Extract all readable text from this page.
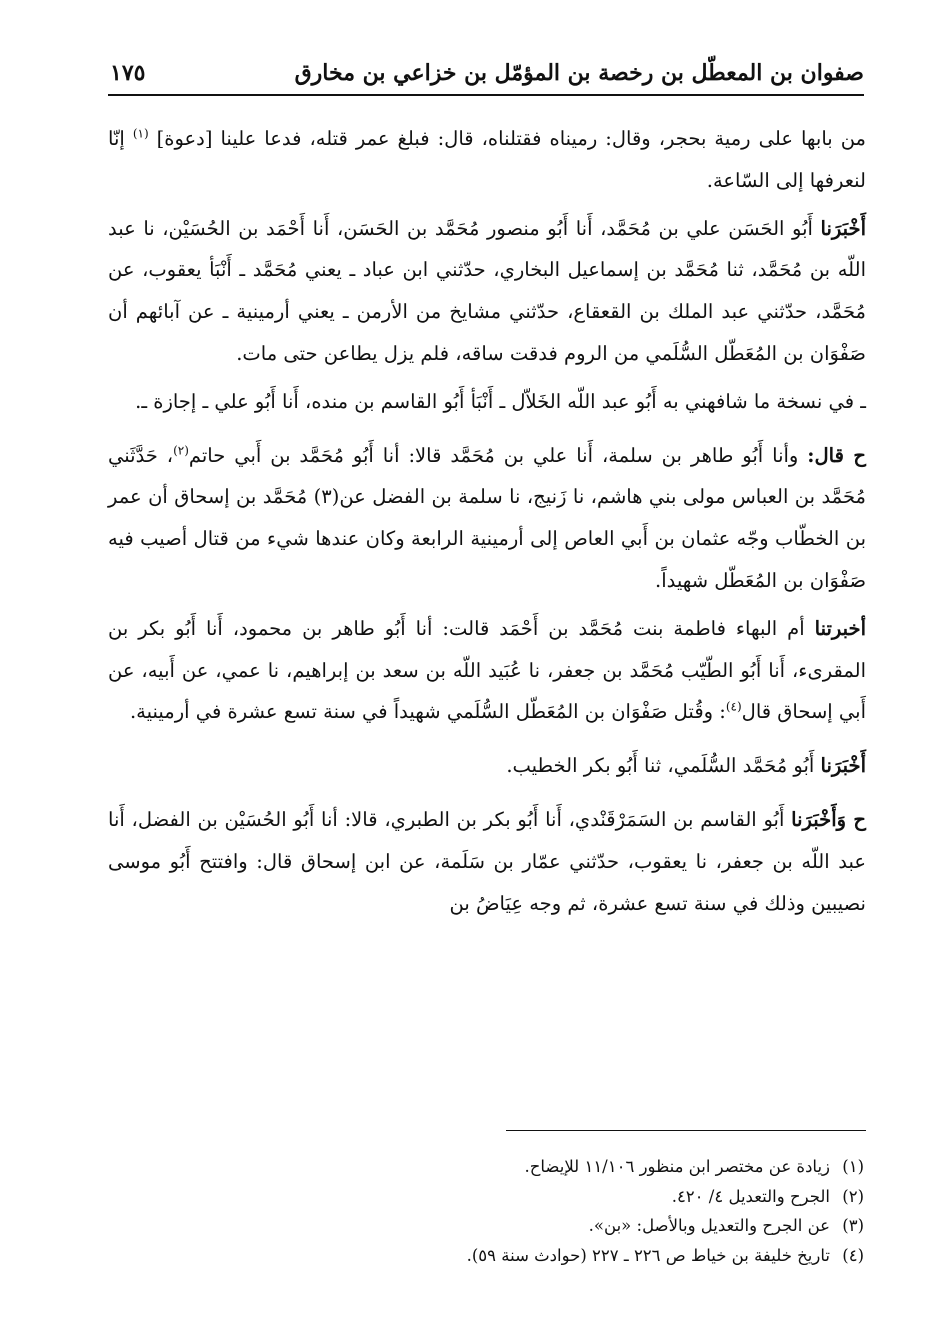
صفوان بن المعطّل بن رخصة بن المؤمّل بن خزاعي بن مخارق
١٧٥

من بابها على رمية بحجر، وقال: رميناه فقتلناه، قال: فبلغ عمر قتله، فدعا علينا [دعوة] $^{(١)}$ إنّا لنعرفها إلى السّاعة.

أَخْبَرَنا أَبُو الحَسَن علي بن مُحَمَّد، أَنا أَبُو منصور مُحَمَّد بن الحَسَن، أَنا أَحْمَد بن الحُسَيْن، نا عبد اللّه بن مُحَمَّد، ثنا مُحَمَّد بن إسماعيل البخاري، حدّثني ابن عباد ـ يعني مُحَمَّد ـ أَنْبَأ يعقوب، عن مُحَمَّد، حدّثني عبد الملك بن القعقاع، حدّثني مشايخ من الأرمن ـ يعني أرمينية ـ عن آبائهم أن صَفْوَان بن المُعَطّل السُّلَمي من الروم فدقت ساقه، فلم يزل يطاعن حتى مات.

ـ في نسخة ما شافهني به أَبُو عبد اللّه الخَلاّل ـ أَنْبَأ أَبُو القاسم بن منده، أَنا أَبُو علي ـ إجازة ـ.

ح قال: وأنا أَبُو طاهر بن سلمة، أَنا علي بن مُحَمَّد قالا: أنا أَبُو مُحَمَّد بن أَبي حاتم$^{(٢)}$، حَدَّثَني مُحَمَّد بن العباس مولى بني هاشم، نا زَنيج، نا سلمة بن الفضل عن(٣) مُحَمَّد بن إسحاق أن عمر بن الخطّاب وجّه عثمان بن أَبي العاص إلى أرمينية الرابعة وكان عندها شيء من قتال أصيب فيه صَفْوَان بن المُعَطّل شهيداً.

أخبرتنا أم البهاء فاطمة بنت مُحَمَّد بن أَحْمَد قالت: أنا أَبُو طاهر بن محمود، أَنا أَبُو بكر بن المقرىء، أَنا أَبُو الطّيّب مُحَمَّد بن جعفر، نا عُبَيد اللّه بن سعد بن إبراهيم، نا عمي، عن أَبيه، عن أَبي إسحاق قال$^{(٤)}$: وقُتل صَفْوَان بن المُعَطّل السُّلَمي شهيداً في سنة تسع عشرة في أرمينية.

أَخْبَرَنا أَبُو مُحَمَّد السُّلَمي، ثنا أَبُو بكر الخطيب.

ح وَأَخْبَرَنا أَبُو القاسم بن السَمَرْقَنْدي، أَنا أَبُو بكر بن الطبري، قالا: أنا أَبُو الحُسَيْن بن الفضل، أَنا عبد اللّه بن جعفر، نا يعقوب، حدّثني عمّار بن سَلَمة، عن ابن إسحاق قال: وافتتح أَبُو موسى نصيبين وذلك في سنة تسع عشرة، ثم وجه عِيَاضُ بن

(١)زيادة عن مختصر ابن منظور ١١/١٠٦ للإيضاح.

(٢)الجرح والتعديل ٤/ ٤٢٠.

(٣)عن الجرح والتعديل وبالأصل: «بن».

(٤)تاريخ خليفة بن خياط ص ٢٢٦ ـ ٢٢٧ (حوادث سنة ٥٩).
